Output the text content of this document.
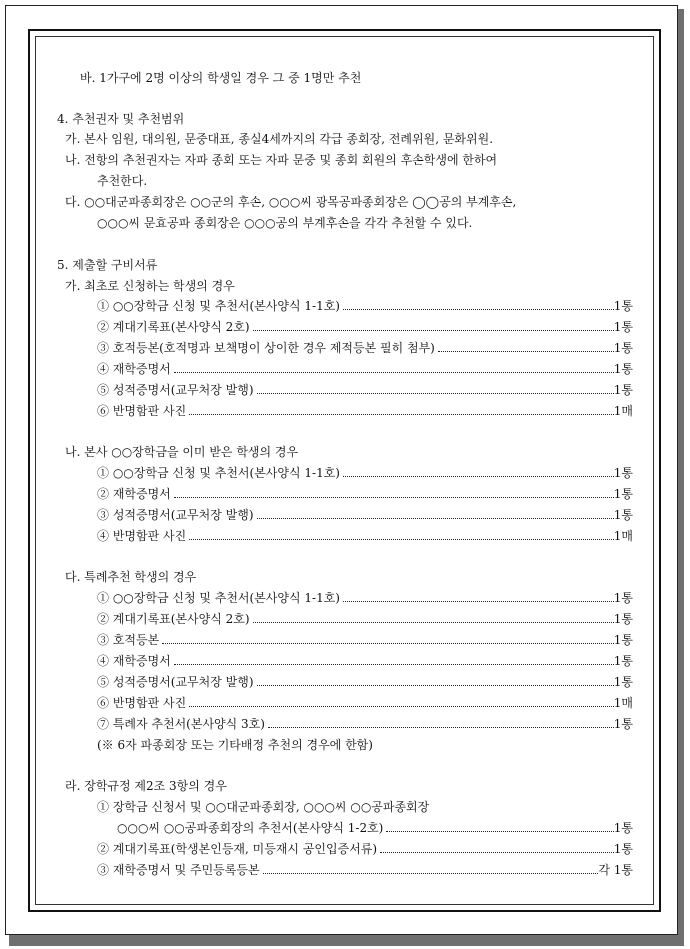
바. 1가구에 2명 이상의 학생일 경우 그 중 1명만 추천
4. 추천권자 및 추천범위
가. 본사 임원, 대의원, 문중대표, 종실4세까지의 각급 종회장, 전례위원, 문화위원.
나. 전항의 추천권자는 자파 종회 또는 자파 문중 및 종회 회원의 후손학생에 한하여
추천한다.
다. ○○대군파종회장은 ○○군의 후손, ○○○씨 광목공파종회장은 ◯◯공의 부계후손,
○○○씨 문효공파 종회장은 ○○○공의 부계후손을 각각 추천할 수 있다.
5. 제출할 구비서류
가. 최초로 신청하는 학생의 경우
① ○○장학금 신청 및 추천서(본사양식 1-1호)	1통
② 계대기록표(본사양식 2호)	1통
③ 호적등본(호적명과 보책명이 상이한 경우 제적등본 필히 첨부)	1통
④ 재학증명서	1통
⑤ 성적증명서(교무처장 발행)	1통
⑥ 반명함판 사진	1매
나. 본사 ○○장학금을 이미 받은 학생의 경우
① ○○장학금 신청 및 추천서(본사양식 1-1호)	1통
② 재학증명서	1통
③ 성적증명서(교무처장 발행)	1통
④ 반명함판 사진	1매
다. 특례추천 학생의 경우
① ○○장학금 신청 및 추천서(본사양식 1-1호)	1통
② 계대기록표(본사양식 2호)	1통
③ 호적등본	1통
④ 재학증명서	1통
⑤ 성적증명서(교무처장 발행)	1통
⑥ 반명함판 사진	1매
⑦ 특례자 추천서(본사양식 3호)	1통
(※ 6자 파종회장 또는 기타배정 추천의 경우에 한함)
라. 장학규정 제2조 3항의 경우
① 장학금 신청서 및 ○○대군파종회장, ○○○씨 ○○공파종회장
○○○씨 ○○공파종회장의 추천서(본사양식 1-2호)	1통
② 계대기록표(학생본인등재, 미등재시 공인입증서류)	1통
③ 재학증명서 및 주민등록등본	각 1통
